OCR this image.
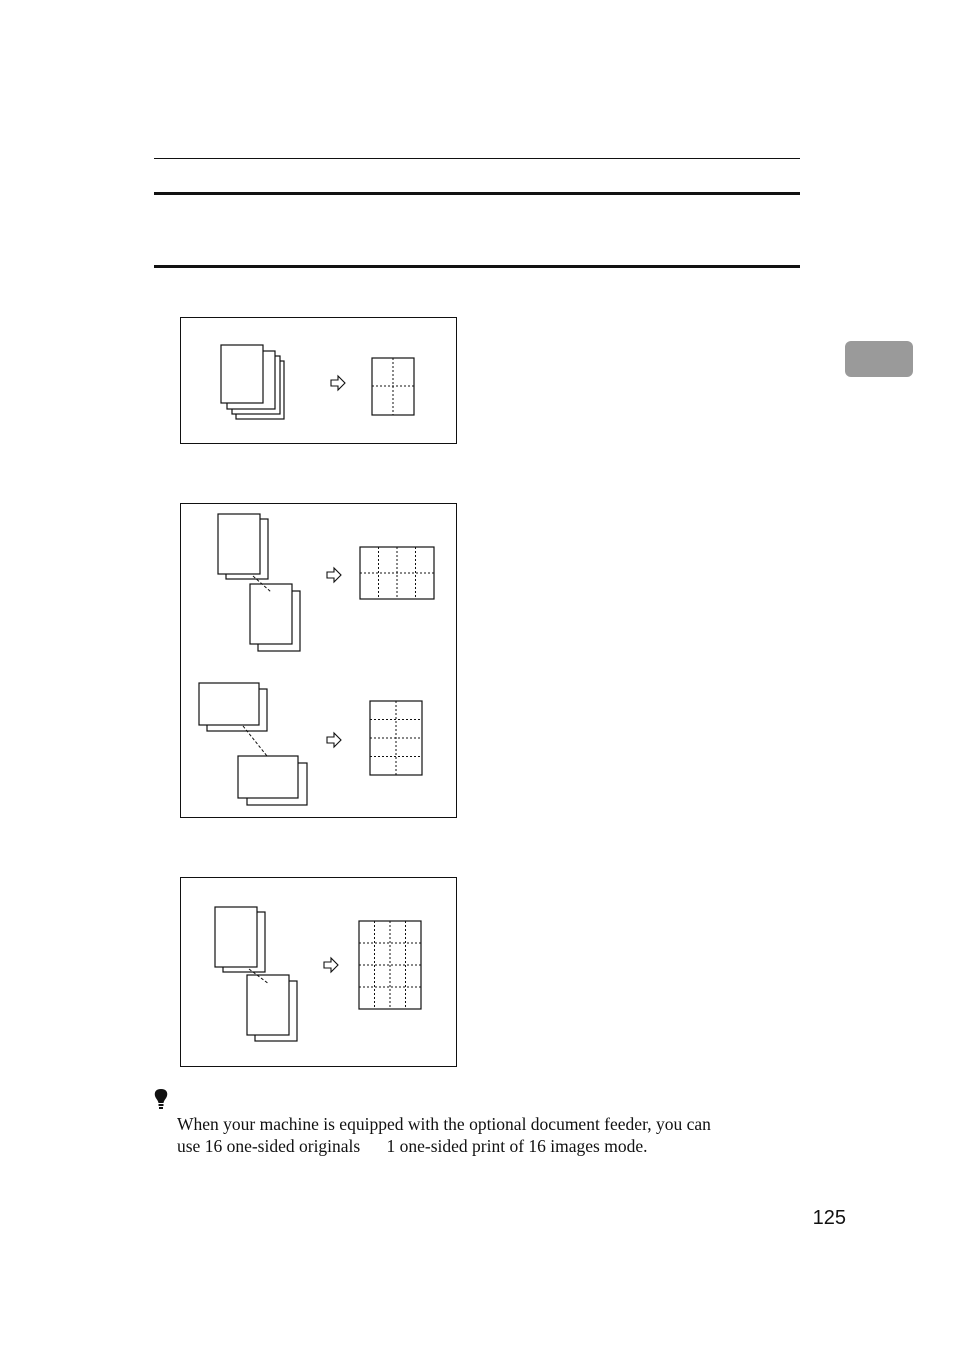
When your machine is equipped with the optional document feeder, you can
use 16 one-sided originals      1 one-sided print of 16 images mode.
125
